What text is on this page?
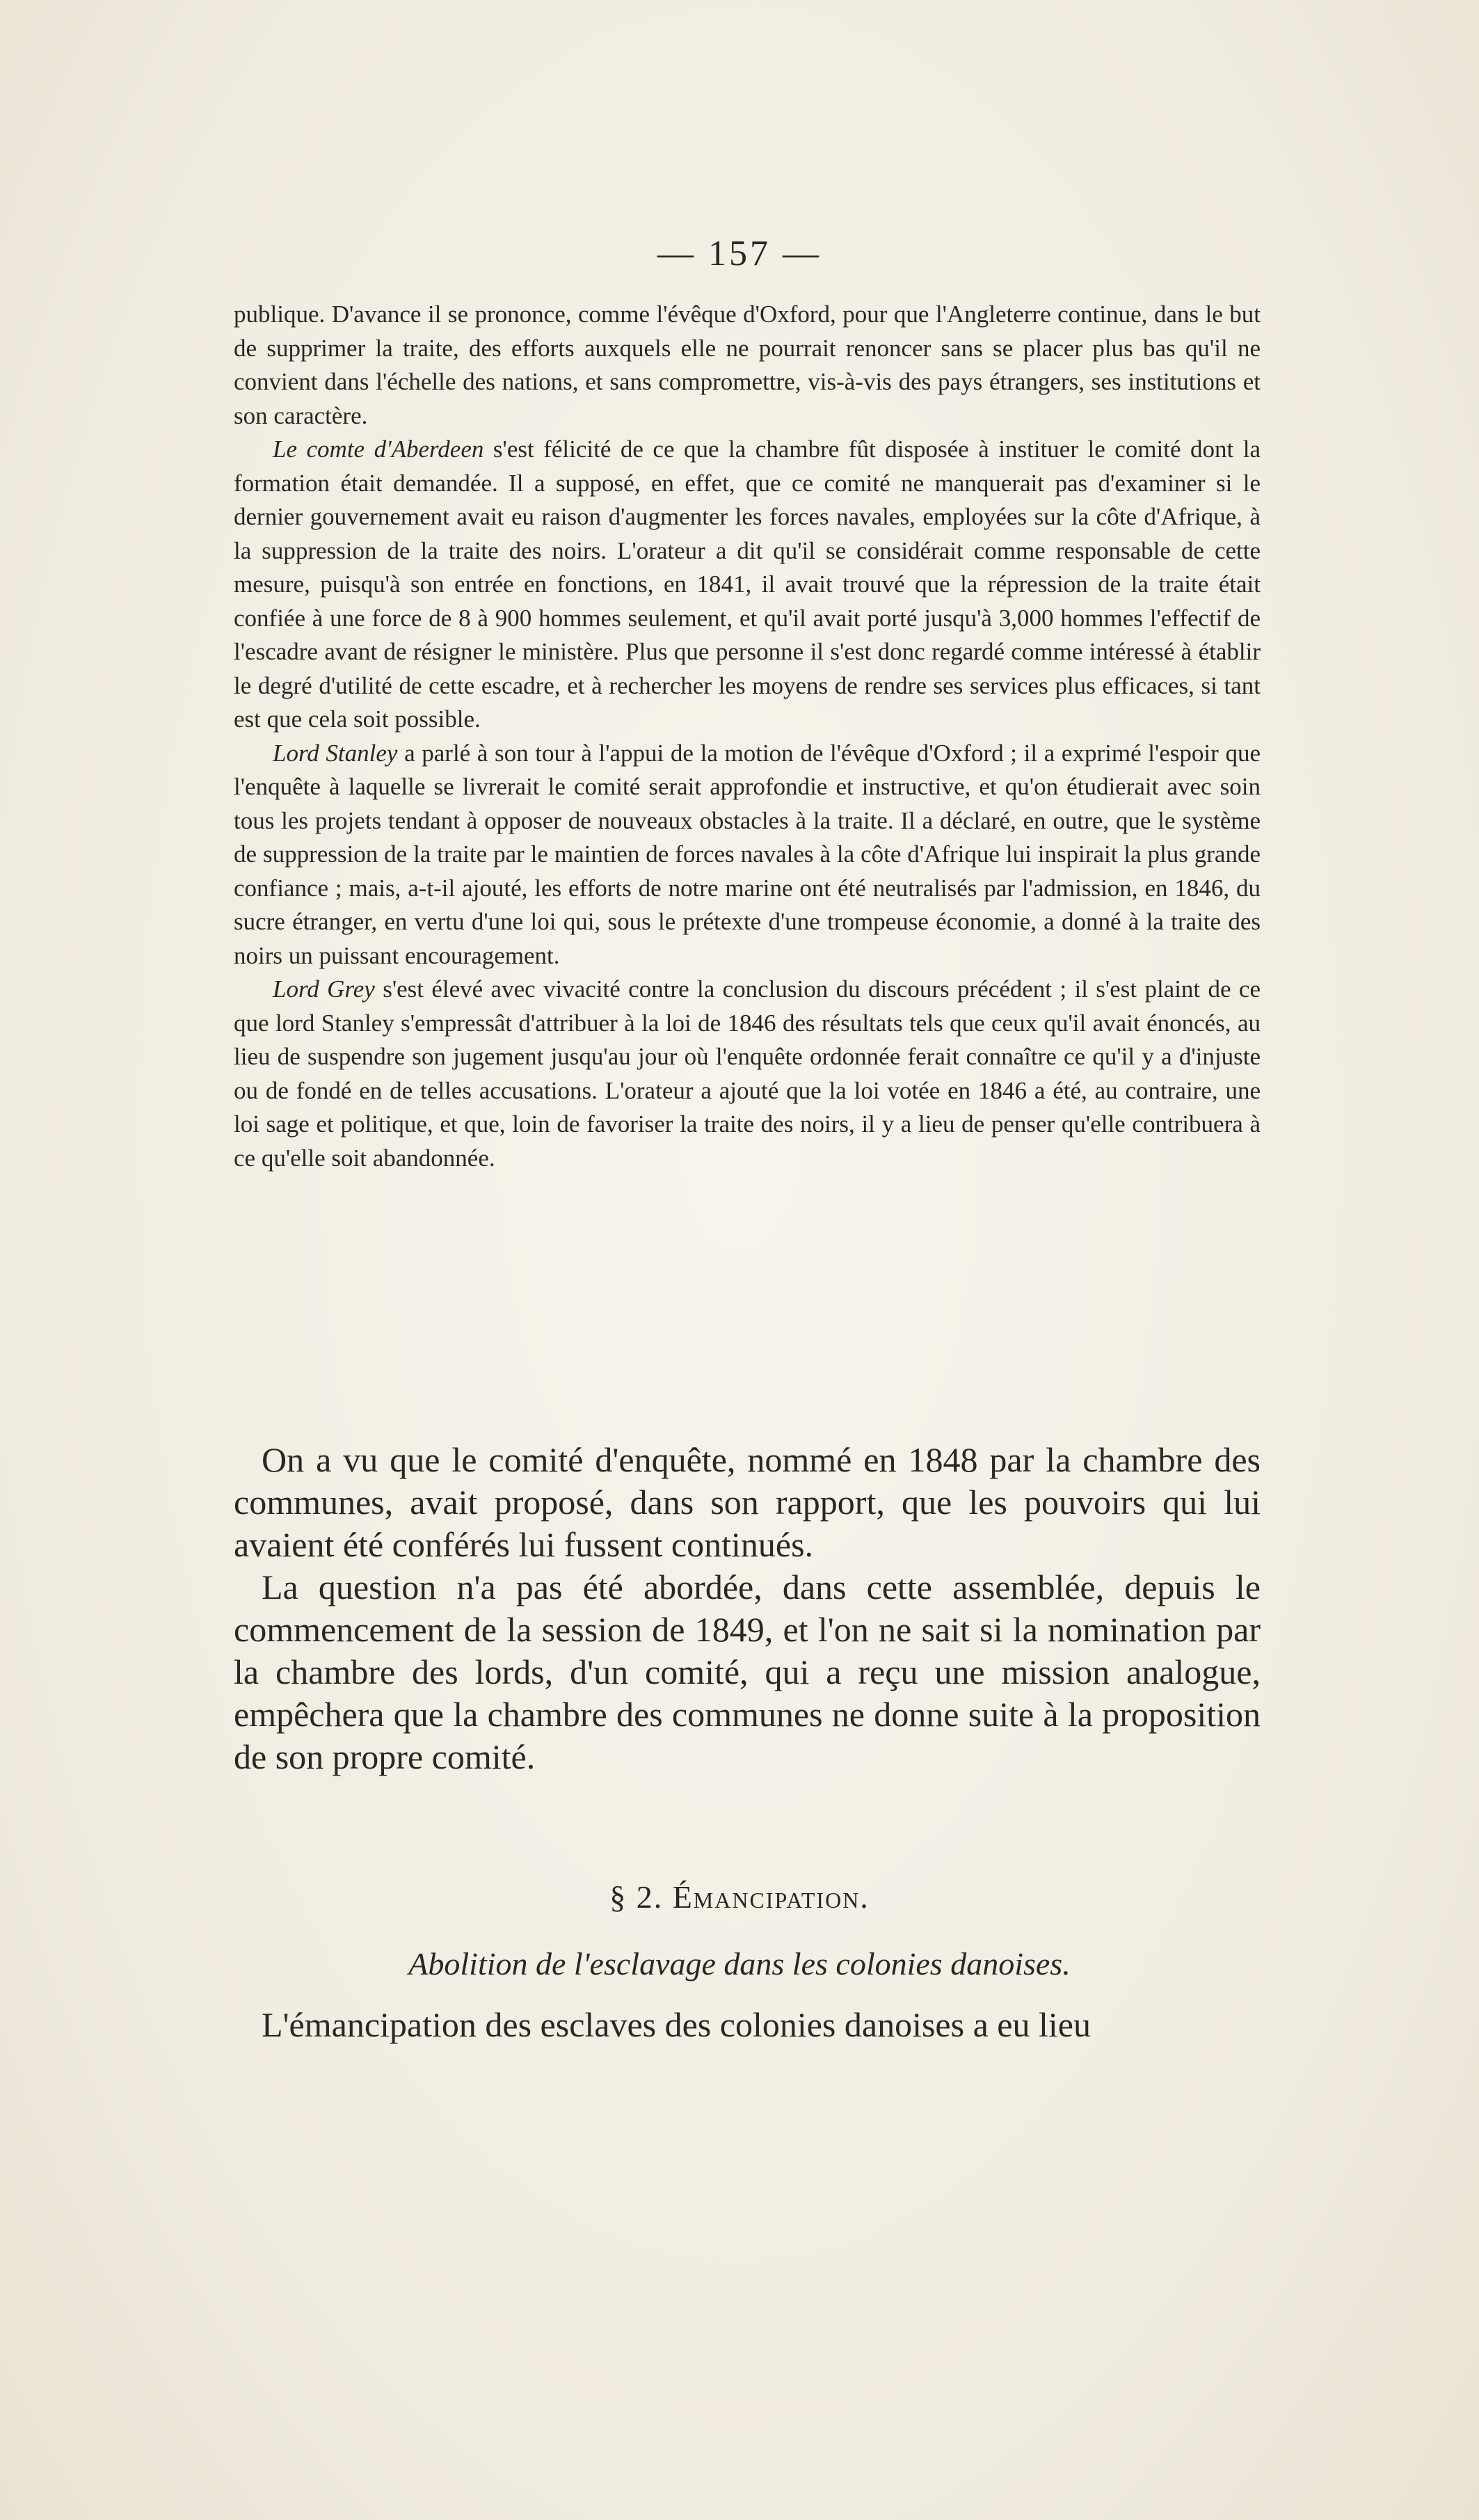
— 157 —

publique. D'avance il se prononce, comme l'évêque d'Oxford, pour que l'Angleterre continue, dans le but de supprimer la traite, des efforts auxquels elle ne pourrait renoncer sans se placer plus bas qu'il ne convient dans l'échelle des nations, et sans compromettre, vis-à-vis des pays étrangers, ses institutions et son caractère.

Le comte d'Aberdeen s'est félicité de ce que la chambre fût disposée à instituer le comité dont la formation était demandée. Il a supposé, en effet, que ce comité ne manquerait pas d'examiner si le dernier gouvernement avait eu raison d'augmenter les forces navales, employées sur la côte d'Afrique, à la suppression de la traite des noirs. L'orateur a dit qu'il se considérait comme responsable de cette mesure, puisqu'à son entrée en fonctions, en 1841, il avait trouvé que la répression de la traite était confiée à une force de 8 à 900 hommes seulement, et qu'il avait porté jusqu'à 3,000 hommes l'effectif de l'escadre avant de résigner le ministère. Plus que personne il s'est donc regardé comme intéressé à établir le degré d'utilité de cette escadre, et à rechercher les moyens de rendre ses services plus efficaces, si tant est que cela soit possible.

Lord Stanley a parlé à son tour à l'appui de la motion de l'évêque d'Oxford ; il a exprimé l'espoir que l'enquête à laquelle se livrerait le comité serait approfondie et instructive, et qu'on étudierait avec soin tous les projets tendant à opposer de nouveaux obstacles à la traite. Il a déclaré, en outre, que le système de suppression de la traite par le maintien de forces navales à la côte d'Afrique lui inspirait la plus grande confiance ; mais, a-t-il ajouté, les efforts de notre marine ont été neutralisés par l'admission, en 1846, du sucre étranger, en vertu d'une loi qui, sous le prétexte d'une trompeuse économie, a donné à la traite des noirs un puissant encouragement.

Lord Grey s'est élevé avec vivacité contre la conclusion du discours précédent ; il s'est plaint de ce que lord Stanley s'empressât d'attribuer à la loi de 1846 des résultats tels que ceux qu'il avait énoncés, au lieu de suspendre son jugement jusqu'au jour où l'enquête ordonnée ferait connaître ce qu'il y a d'injuste ou de fondé en de telles accusations. L'orateur a ajouté que la loi votée en 1846 a été, au contraire, une loi sage et politique, et que, loin de favoriser la traite des noirs, il y a lieu de penser qu'elle contribuera à ce qu'elle soit abandonnée.

On a vu que le comité d'enquête, nommé en 1848 par la chambre des communes, avait proposé, dans son rapport, que les pouvoirs qui lui avaient été conférés lui fussent continués.

La question n'a pas été abordée, dans cette assemblée, depuis le commencement de la session de 1849, et l'on ne sait si la nomination par la chambre des lords, d'un comité, qui a reçu une mission analogue, empêchera que la chambre des communes ne donne suite à la proposition de son propre comité.

§ 2. Émancipation.
Abolition de l'esclavage dans les colonies danoises.
L'émancipation des esclaves des colonies danoises a eu lieu
